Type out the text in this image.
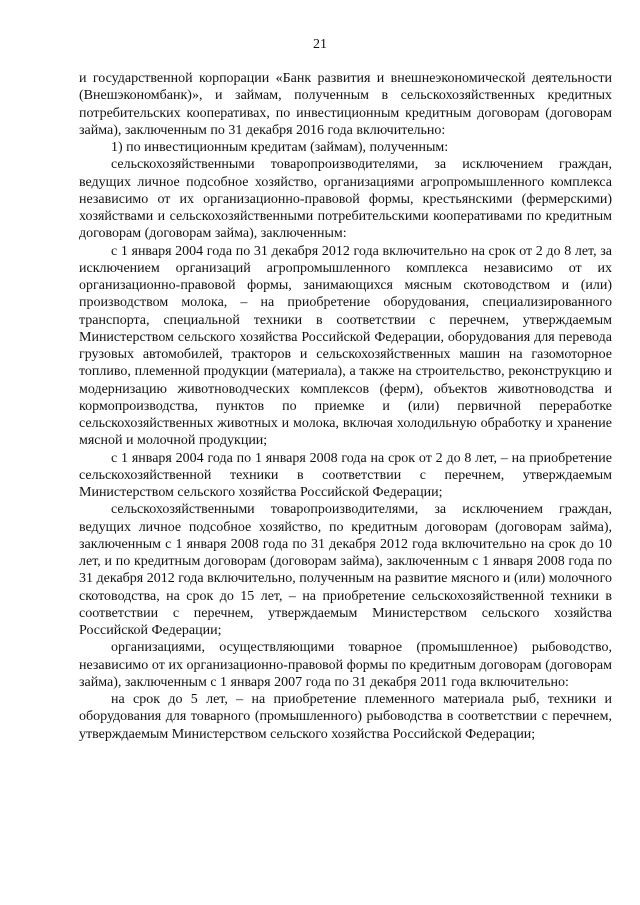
21

и государственной корпорации «Банк развития и внешнеэкономической деятельности (Внешэкономбанк)», и займам, полученным в сельскохозяйственных кредитных потребительских кооперативах, по инвестиционным кредитным договорам (договорам займа), заключенным по 31 декабря 2016 года включительно:

1) по инвестиционным кредитам (займам), полученным:

сельскохозяйственными товаропроизводителями, за исключением граждан, ведущих личное подсобное хозяйство, организациями агропромышленного комплекса независимо от их организационно-правовой формы, крестьянскими (фермерскими) хозяйствами и сельскохозяйственными потребительскими кооперативами по кредитным договорам (договорам займа), заключенным:

с 1 января 2004 года по 31 декабря 2012 года включительно на срок от 2 до 8 лет, за исключением организаций агропромышленного комплекса независимо от их организационно-правовой формы, занимающихся мясным скотоводством и (или) производством молока, – на приобретение оборудования, специализированного транспорта, специальной техники в соответствии с перечнем, утверждаемым Министерством сельского хозяйства Российской Федерации, оборудования для перевода грузовых автомобилей, тракторов и сельскохозяйственных машин на газомоторное топливо, племенной продукции (материала), а также на строительство, реконструкцию и модернизацию животноводческих комплексов (ферм), объектов животноводства и кормопроизводства, пунктов по приемке и (или) первичной переработке сельскохозяйственных животных и молока, включая холодильную обработку и хранение мясной и молочной продукции;

с 1 января 2004 года по 1 января 2008 года на срок от 2 до 8 лет, – на приобретение сельскохозяйственной техники в соответствии с перечнем, утверждаемым Министерством сельского хозяйства Российской Федерации;

сельскохозяйственными товаропроизводителями, за исключением граждан, ведущих личное подсобное хозяйство, по кредитным договорам (договорам займа), заключенным с 1 января 2008 года по 31 декабря 2012 года включительно на срок до 10 лет, и по кредитным договорам (договорам займа), заключенным с 1 января 2008 года по 31 декабря 2012 года включительно, полученным на развитие мясного и (или) молочного скотоводства, на срок до 15 лет, – на приобретение сельскохозяйственной техники в соответствии с перечнем, утверждаемым Министерством сельского хозяйства Российской Федерации;

организациями, осуществляющими товарное (промышленное) рыбоводство, независимо от их организационно-правовой формы по кредитным договорам (договорам займа), заключенным с 1 января 2007 года по 31 декабря 2011 года включительно:

на срок до 5 лет, – на приобретение племенного материала рыб, техники и оборудования для товарного (промышленного) рыбоводства в соответствии с перечнем, утверждаемым Министерством сельского хозяйства Российской Федерации;
